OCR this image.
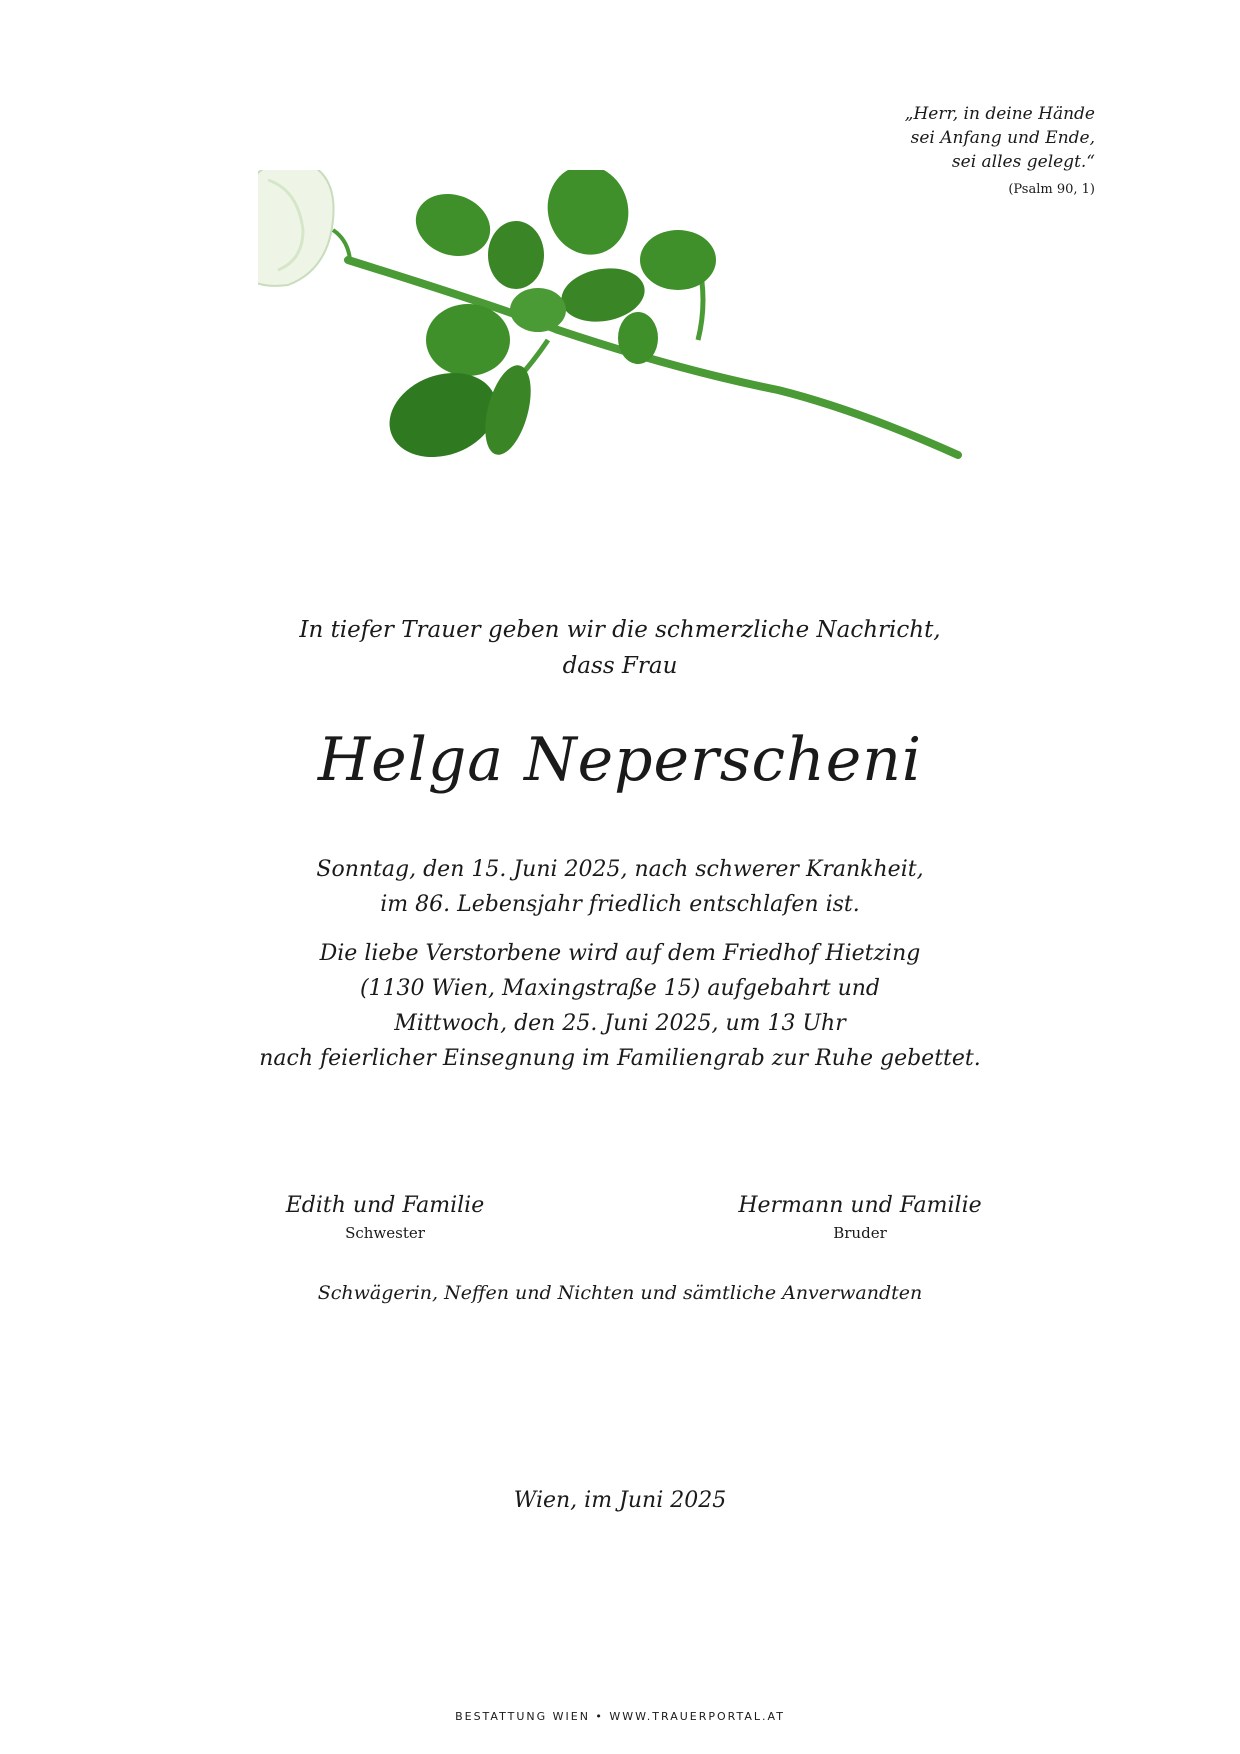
„Herr, in deine Hände
sei Anfang und Ende,
sei alles gelegt.“
(Psalm 90, 1)
In tiefer Trauer geben wir die schmerzliche Nachricht,
dass Frau
Helga Neperscheni
Sonntag, den 15. Juni 2025, nach schwerer Krankheit,
im 86. Lebensjahr friedlich entschlafen ist.
Die liebe Verstorbene wird auf dem Friedhof Hietzing
(1130 Wien, Maxingstraße 15) aufgebahrt und
Mittwoch, den 25. Juni 2025, um 13 Uhr
nach feierlicher Einsegnung im Familiengrab zur Ruhe gebettet.
Edith und Familie
Schwester
Hermann und Familie
Bruder
Schwägerin, Neffen und Nichten und sämtliche Anverwandten
Wien, im Juni 2025
BESTATTUNG WIEN • WWW.TRAUERPORTAL.AT
